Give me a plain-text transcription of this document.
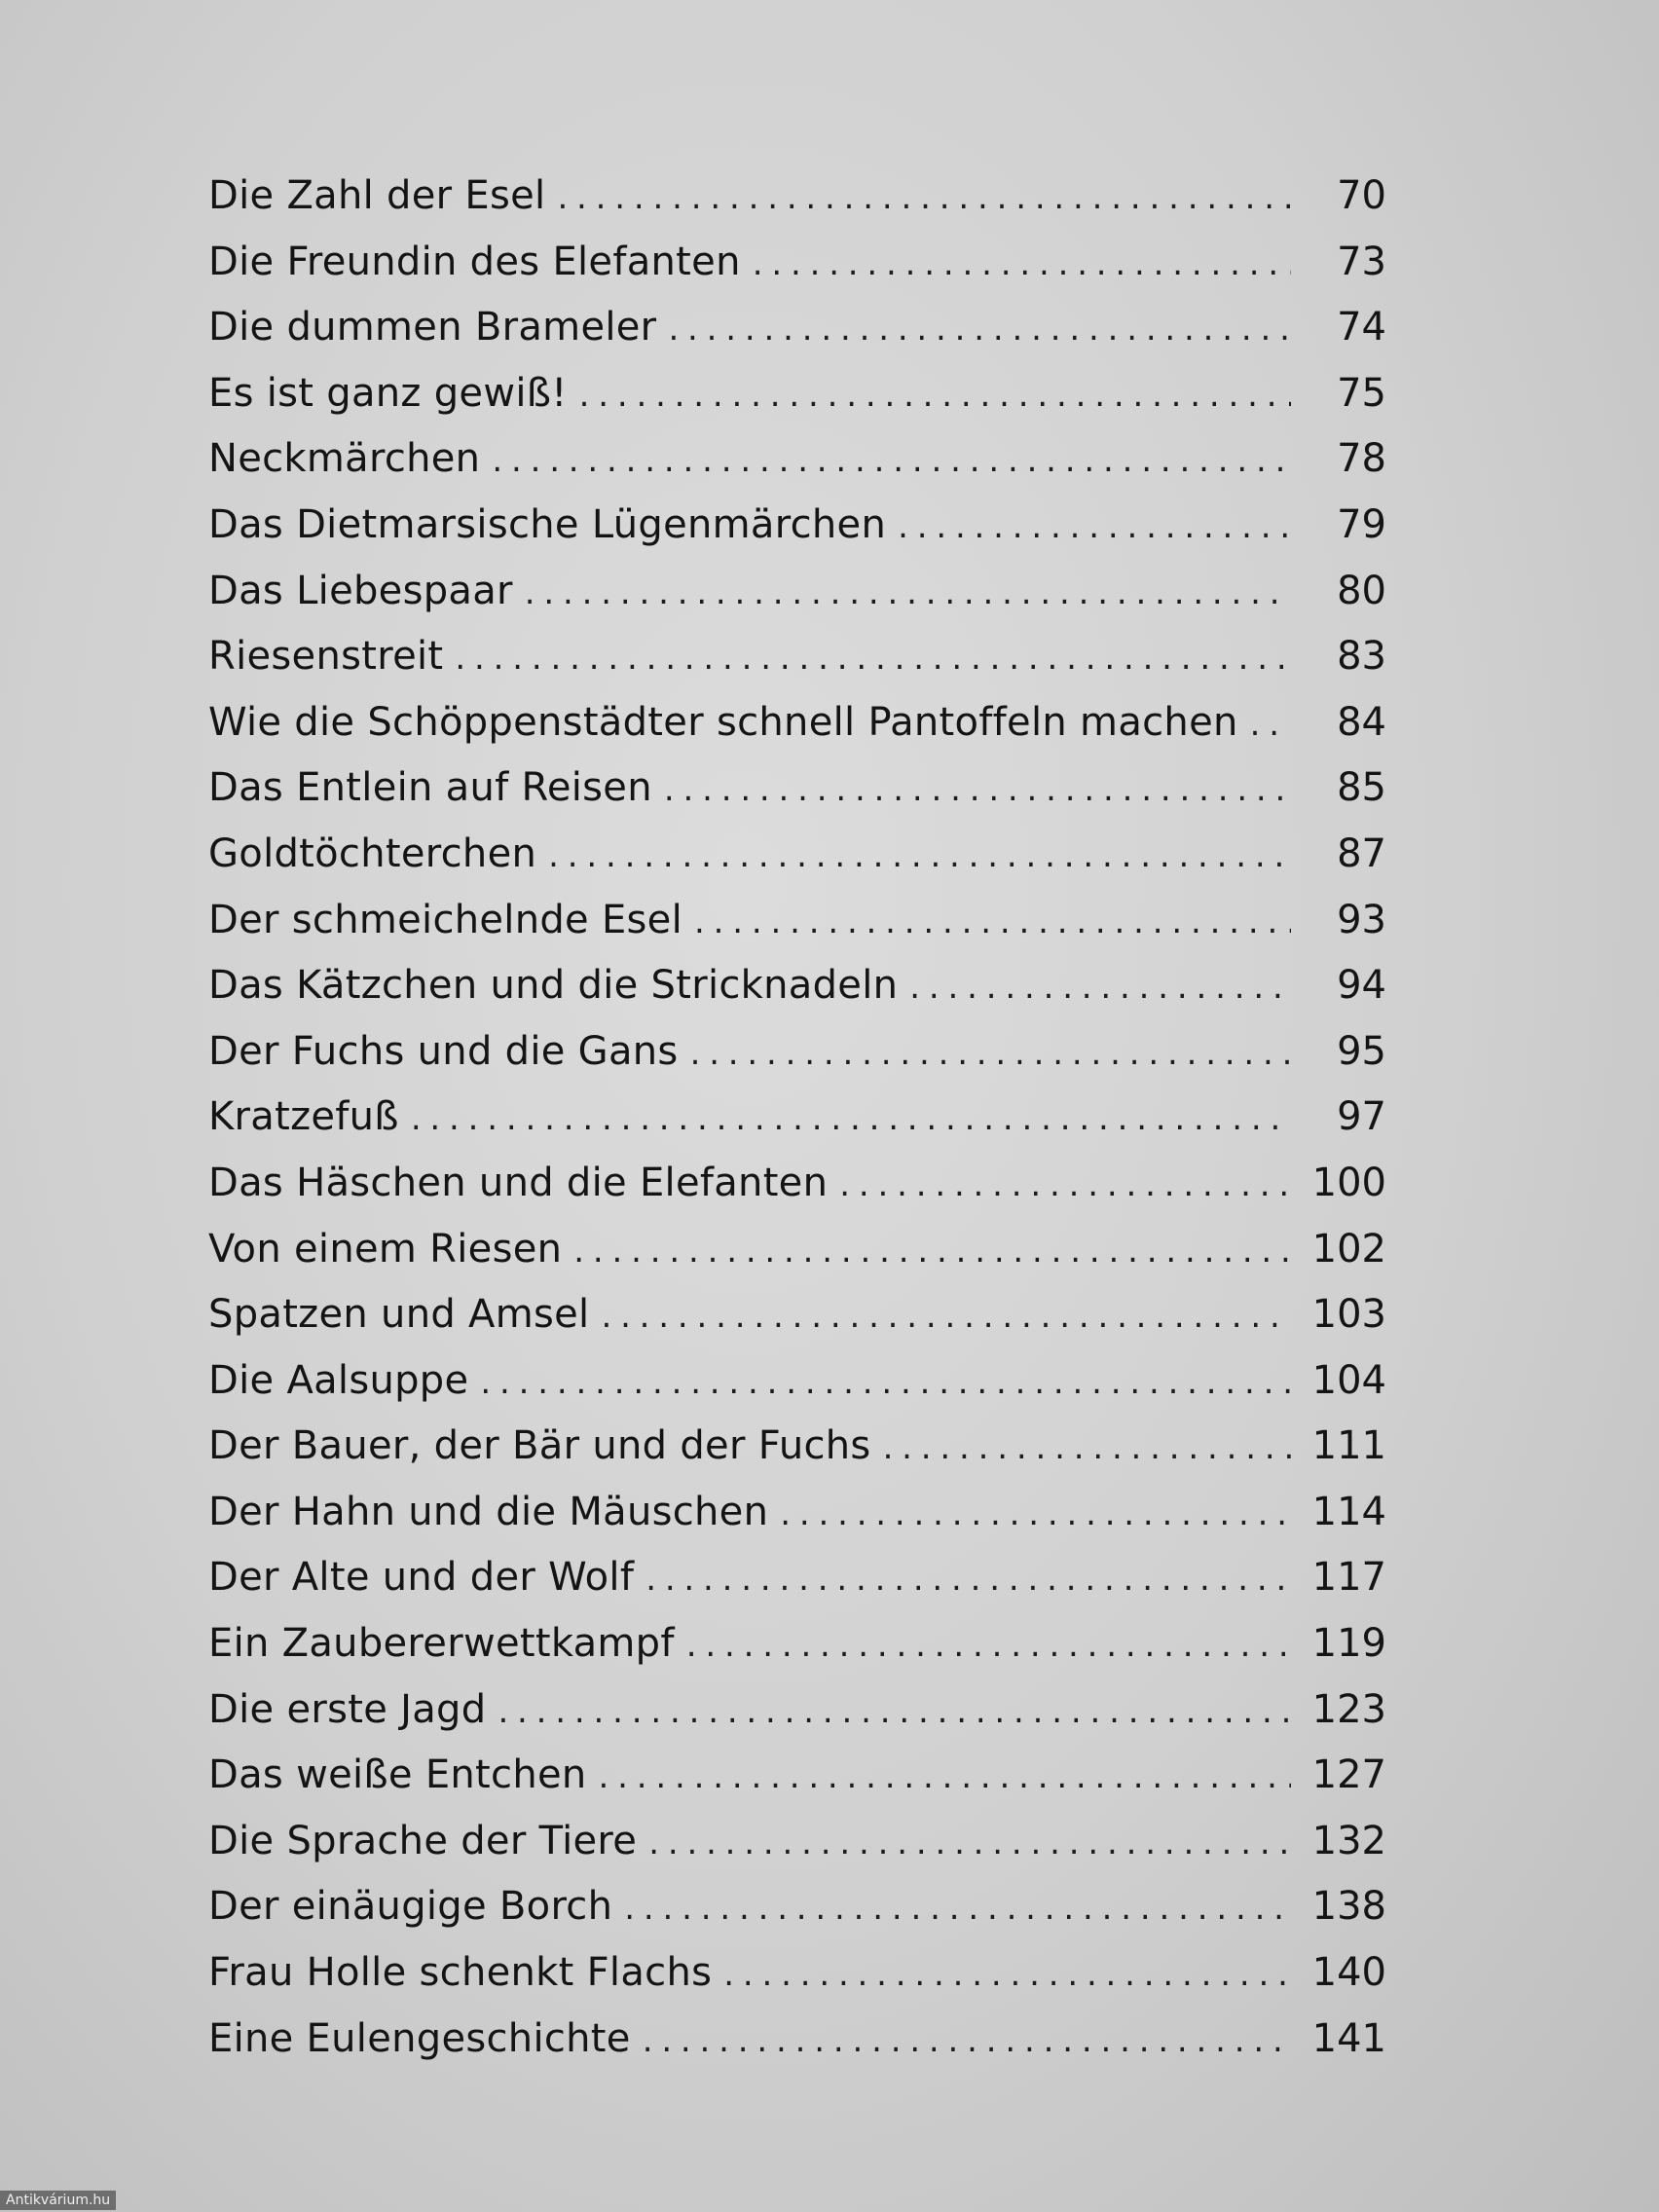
Die Zahl der Esel . . .	70
Die Freundin des Elefanten . . .	73
Die dummen Brameler . . .	74
Es ist ganz gewiß! . . .	75
Neckmärchen . . .	78
Das Dietmarsische Lügenmärchen . . .	79
Das Liebespaar . . .	80
Riesenstreit . . .	83
Wie die Schöppenstädter schnell Pantoffeln machen . . .	84
Das Entlein auf Reisen . . .	85
Goldtöchterchen . . .	87
Der schmeichelnde Esel . . .	93
Das Kätzchen und die Stricknadeln . . .	94
Der Fuchs und die Gans . . .	95
Kratzefuß . . .	97
Das Häschen und die Elefanten . . .	100
Von einem Riesen . . .	102
Spatzen und Amsel . . .	103
Die Aalsuppe . . .	104
Der Bauer, der Bär und der Fuchs . . .	111
Der Hahn und die Mäuschen . . .	114
Der Alte und der Wolf . . .	117
Ein Zaubererwettkampf . . .	119
Die erste Jagd . . .	123
Das weiße Entchen . . .	127
Die Sprache der Tiere . . .	132
Der einäugige Borch . . .	138
Frau Holle schenkt Flachs . . .	140
Eine Eulengeschichte . . .	141
Antikvárium.hu
